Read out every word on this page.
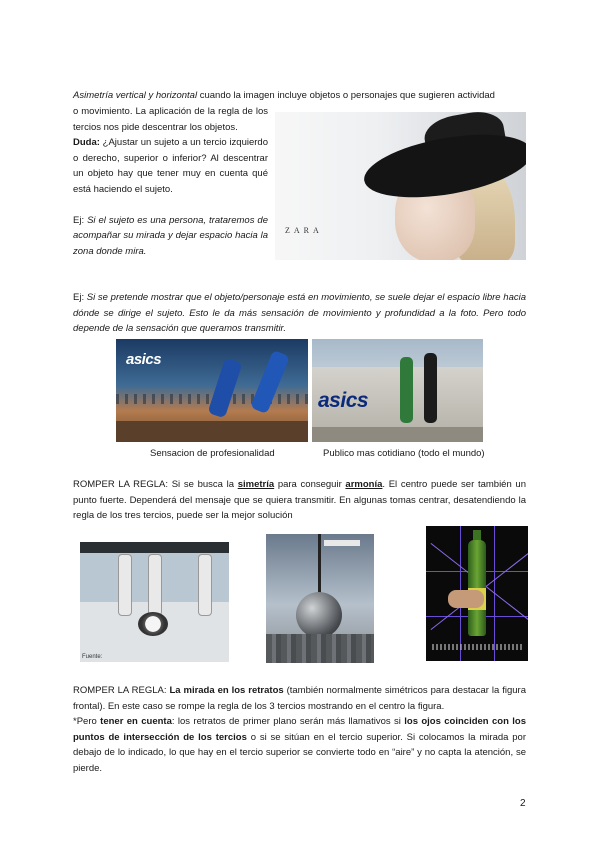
Asimetría vertical y horizontal cuando la imagen incluye objetos o personajes que sugieren actividad

o movimiento. La aplicación de la regla de los tercios nos pide descentrar los objetos.
Duda: ¿Ajustar un sujeto a un tercio izquierdo o derecho, superior o inferior? Al descentrar un objeto hay que tener muy en cuenta qué está haciendo el sujeto.

Ej: Si el sujeto es una persona, trataremos de acompañar su mirada y dejar espacio hacia la zona donde mira.

ZARA

Ej: Si se pretende mostrar que el objeto/personaje está en movimiento, se suele dejar el espacio libre hacia dónde se dirige el sujeto. Esto le da más sensación de movimiento y profundidad a la foto. Pero todo depende de la sensación que queramos transmitir.

asics
asics
Sensacion de profesionalidad	Publico mas cotidiano (todo el mundo)

ROMPER LA REGLA: Si se busca la simetría para conseguir armonía. El centro puede ser también un punto fuerte. Dependerá del mensaje que se quiera transmitir. En algunas tomas centrar, desatendiendo la regla de los tres tercios, puede ser la mejor solución

Fuente:

ROMPER LA REGLA: La mirada en los retratos (también normalmente simétricos para destacar la figura frontal). En este caso se rompe la regla de los 3 tercios mostrando en el centro la figura.
*Pero tener en cuenta: los retratos de primer plano serán más llamativos si los ojos coinciden con los puntos de intersección de los tercios o si se sitúan en el tercio superior. Si colocamos la mirada por debajo de lo indicado, lo que hay en el tercio superior se convierte todo en “aire” y no capta la atención, se pierde.

2
